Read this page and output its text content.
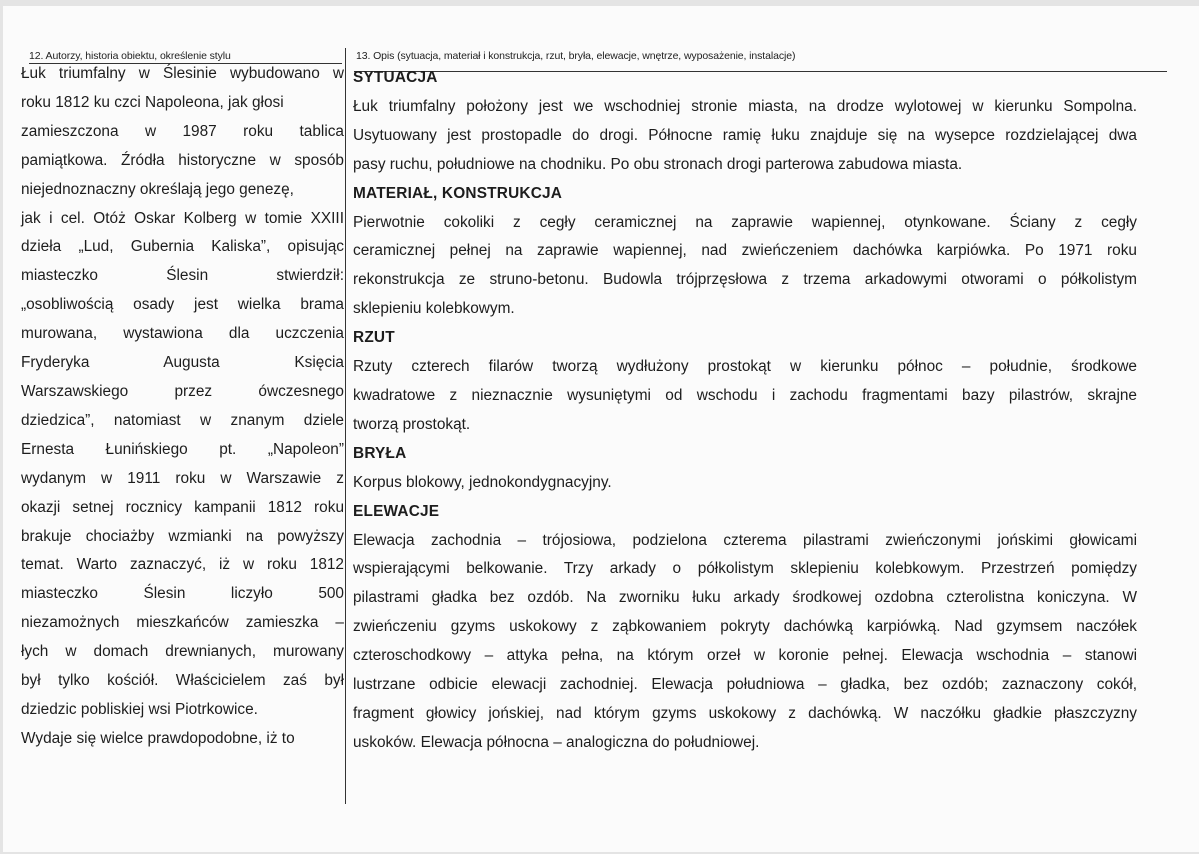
12. Autorzy, historia obiektu, określenie stylu	13. Opis (sytuacja, materiał i konstrukcja, rzut, bryła, elewacje, wnętrze, wyposażenie, instalacje)
Łuk triumfalny w Ślesinie wybudowano w
roku 1812 ku czci Napoleona, jak głosi
zamieszczona w 1987 roku tablica
pamiątkowa. Źródła historyczne w sposób
niejednoznaczny określają jego genezę,
jak i cel. Otóż Oskar Kolberg w tomie XXIII
dzieła „Lud, Gubernia Kaliska”, opisując
miasteczko Ślesin stwierdził:
„osobliwością osady jest wielka brama
murowana, wystawiona dla uczczenia
Fryderyka Augusta Księcia
Warszawskiego przez ówczesnego
dziedzica”, natomiast w znanym dziele
Ernesta Łunińskiego pt. „Napoleon”
wydanym w 1911 roku w Warszawie z
okazji setnej rocznicy kampanii 1812 roku
brakuje chociażby wzmianki na powyższy
temat. Warto zaznaczyć, iż w roku 1812
miasteczko Ślesin liczyło 500
niezamożnych mieszkańców zamieszka –
łych w domach drewnianych, murowany
był tylko kościół. Właścicielem zaś był
dziedzic pobliskiej wsi Piotrkowice.
Wydaje się wielce prawdopodobne, iż to

SYTUACJA

Łuk triumfalny położony jest we wschodniej stronie miasta, na drodze wylotowej w kierunku Sompolna.

Usytuowany jest prostopadle do drogi. Północne ramię łuku znajduje się na wysepce rozdzielającej dwa

pasy ruchu, południowe na chodniku. Po obu stronach drogi parterowa zabudowa miasta.

MATERIAŁ, KONSTRUKCJA

Pierwotnie cokoliki z cegły ceramicznej na zaprawie wapiennej, otynkowane. Ściany z cegły

ceramicznej pełnej na zaprawie wapiennej, nad zwieńczeniem dachówka karpiówka. Po 1971 roku

rekonstrukcja ze struno-betonu. Budowla trójprzęsłowa z trzema arkadowymi otworami o półkolistym

sklepieniu kolebkowym.

RZUT

Rzuty czterech filarów tworzą wydłużony prostokąt w kierunku północ – południe, środkowe

kwadratowe z nieznacznie wysuniętymi od wschodu i zachodu fragmentami bazy pilastrów, skrajne

tworzą prostokąt.

BRYŁA

Korpus blokowy, jednokondygnacyjny.

ELEWACJE

Elewacja zachodnia – trójosiowa, podzielona czterema pilastrami zwieńczonymi jońskimi głowicami

wspierającymi belkowanie. Trzy arkady o półkolistym sklepieniu kolebkowym. Przestrzeń pomiędzy

pilastrami gładka bez ozdób. Na zworniku łuku arkady środkowej ozdobna czterolistna koniczyna. W

zwieńczeniu gzyms uskokowy z ząbkowaniem pokryty dachówką karpiówką. Nad gzymsem naczółek

czteroschodkowy – attyka pełna, na którym orzeł w koronie pełnej. Elewacja wschodnia – stanowi

lustrzane odbicie elewacji zachodniej. Elewacja południowa – gładka, bez ozdób; zaznaczony cokół,

fragment głowicy jońskiej, nad którym gzyms uskokowy z dachówką. W naczółku gładkie płaszczyzny

uskoków. Elewacja północna – analogiczna do południowej.
